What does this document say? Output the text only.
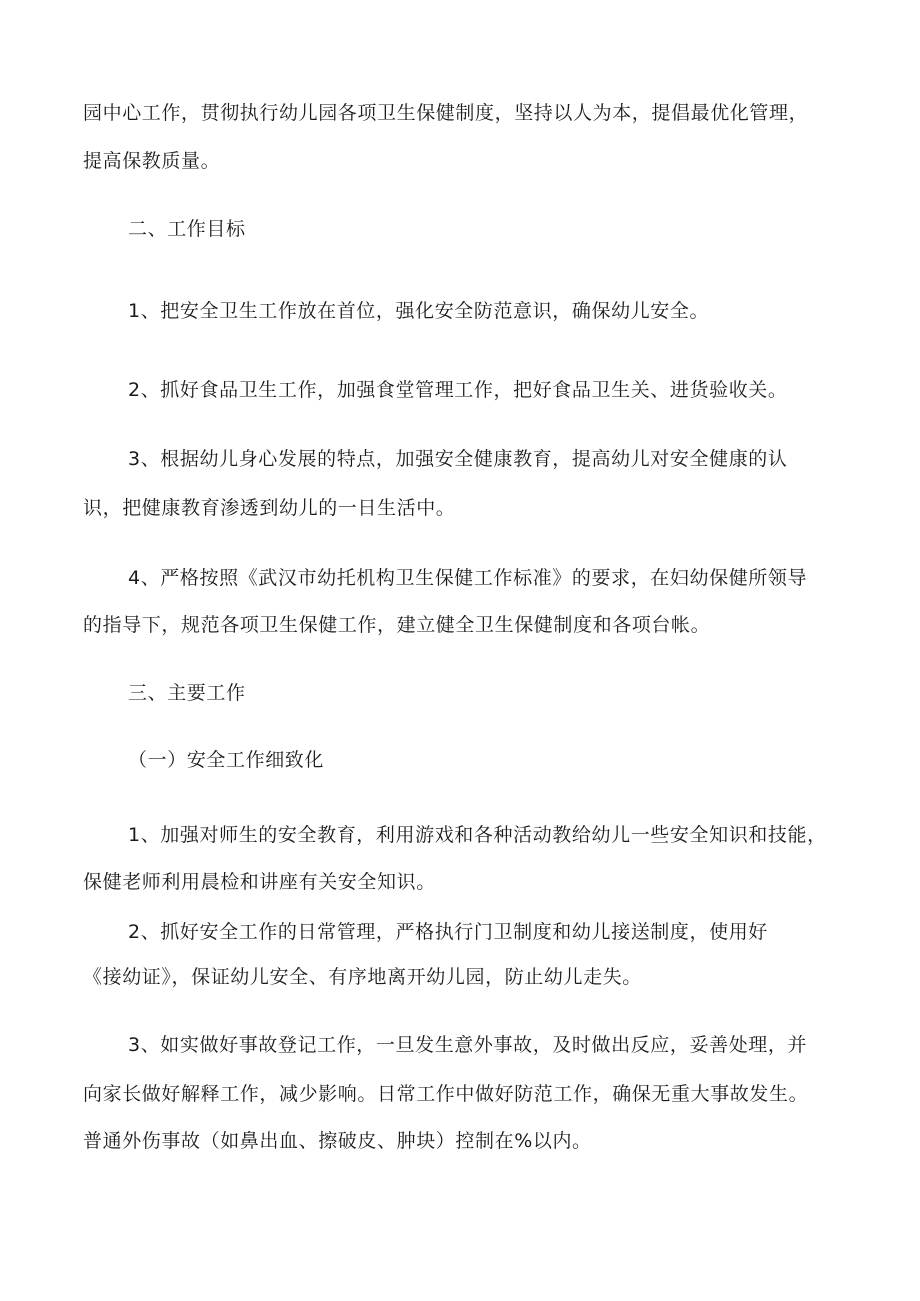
园中心工作，贯彻执行幼儿园各项卫生保健制度，坚持以人为本，提倡最优化管理，
提高保教质量。
二、工作目标
1、把安全卫生工作放在首位，强化安全防范意识，确保幼儿安全。
2、抓好食品卫生工作，加强食堂管理工作，把好食品卫生关、进货验收关。
3、根据幼儿身心发展的特点，加强安全健康教育，提高幼儿对安全健康的认
识，把健康教育渗透到幼儿的一日生活中。
4、严格按照《武汉市幼托机构卫生保健工作标准》的要求，在妇幼保健所领导
的指导下，规范各项卫生保健工作，建立健全卫生保健制度和各项台帐。
三、主要工作
（一）安全工作细致化
1、加强对师生的安全教育，利用游戏和各种活动教给幼儿一些安全知识和技能，
保健老师利用晨检和讲座有关安全知识。
2、抓好安全工作的日常管理，严格执行门卫制度和幼儿接送制度，使用好
《接幼证》，保证幼儿安全、有序地离开幼儿园，防止幼儿走失。
3、如实做好事故登记工作，一旦发生意外事故，及时做出反应，妥善处理，并
向家长做好解释工作，减少影响。日常工作中做好防范工作，确保无重大事故发生。
普通外伤事故（如鼻出血、擦破皮、肿块）控制在%以内。
